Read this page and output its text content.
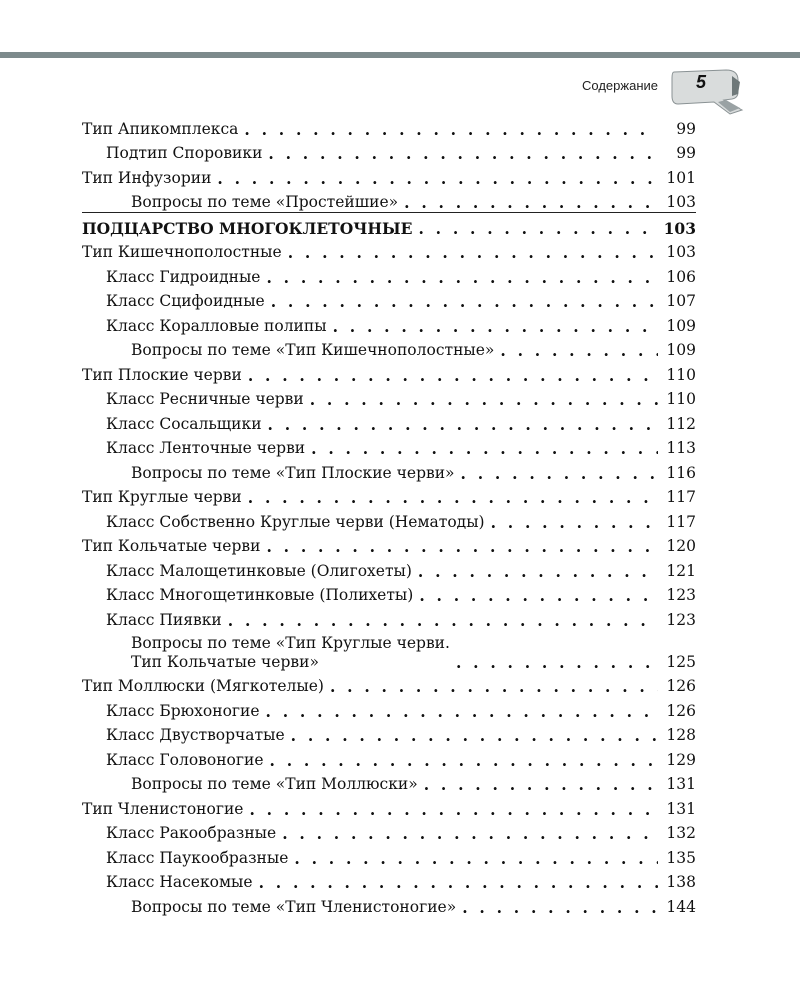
Содержание	5
Тип Апикомплекса . . .	99
Подтип Споровики . . .	99
Тип Инфузории . . .	101
Вопросы по теме «Простейшие» . . .	103
ПОДЦАРСТВО МНОГОКЛЕТОЧНЫЕ . . .	103
Тип Кишечнополостные . . .	103
Класс Гидроидные . . .	106
Класс Сцифоидные . . .	107
Класс Коралловые полипы . . .	109
Вопросы по теме «Тип Кишечнополостные» . . .	109
Тип Плоские черви . . .	110
Класс Ресничные черви . . .	110
Класс Сосальщики . . .	112
Класс Ленточные черви . . .	113
Вопросы по теме «Тип Плоские черви» . . .	116
Тип Круглые черви . . .	117
Класс Собственно Круглые черви (Нематоды) . . .	117
Тип Кольчатые черви . . .	120
Класс Малощетинковые (Олигохеты) . . .	121
Класс Многощетинковые (Полихеты) . . .	123
Класс Пиявки . . .	123
Вопросы по теме «Тип Круглые черви.
Тип Кольчатые черви» . . .	125
Тип Моллюски (Мягкотелые) . . .	126
Класс Брюхоногие . . .	126
Класс Двустворчатые . . .	128
Класс Головоногие . . .	129
Вопросы по теме «Тип Моллюски» . . .	131
Тип Членистоногие . . .	131
Класс Ракообразные . . .	132
Класс Паукообразные . . .	135
Класс Насекомые . . .	138
Вопросы по теме «Тип Членистоногие» . . .	144
